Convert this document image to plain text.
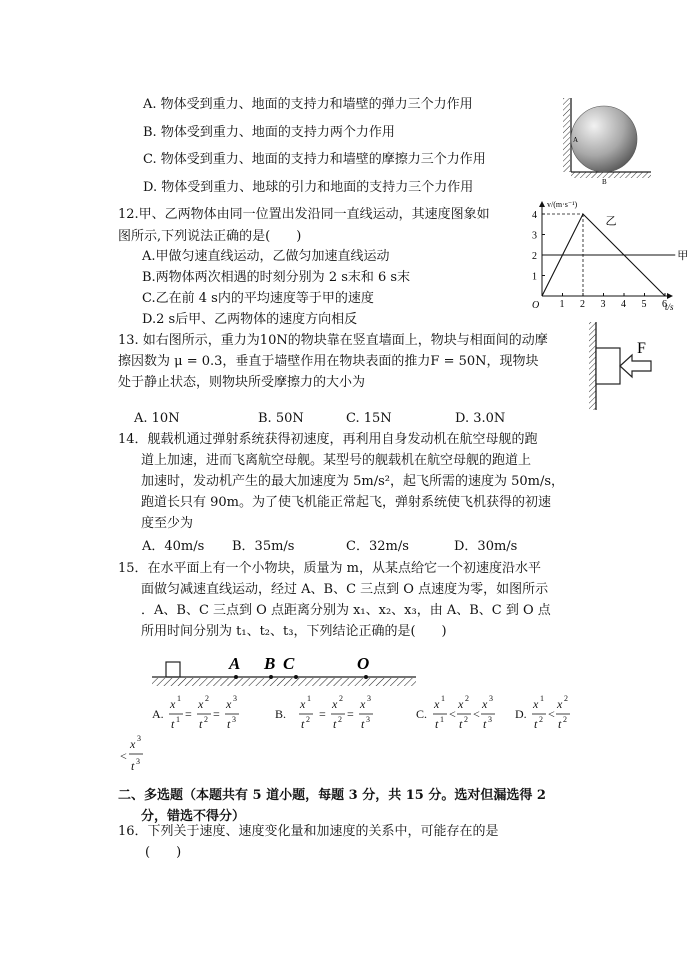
A. 物体受到重力、地面的支持力和墙壁的弹力三个力作用
B. 物体受到重力、地面的支持力两个力作用
C. 物体受到重力、地面的支持力和墙壁的摩擦力三个力作用
D. 物体受到重力、地球的引力和地面的支持力三个力作用
A
B
12.甲、乙两物体由同一位置出发沿同一直线运动，其速度图象如
图所示,下列说法正确的是(　　)
A.甲做匀速直线运动，乙做匀加速直线运动
B.两物体两次相遇的时刻分别为 2 s末和 6 s末
C.乙在前 4 s内的平均速度等于甲的速度
D.2 s后甲、乙两物体的速度方向相反
v/(m·s⁻¹)
t/s
O 1 2 3 4 5 6
1
2
3
4
甲
乙
13. 如右图所示，重力为10N的物块靠在竖直墙面上，物块与相面间的动摩
擦因数为 μ = 0.3，垂直于墙壁作用在物块表面的推力F = 50N，现物块
处于静止状态，则物块所受摩擦力的大小为
A. 10N	B. 50N	C. 15N	D. 3.0N
F
14．舰载机通过弹射系统获得初速度，再利用自身发动机在航空母舰的跑
道上加速，进而飞离航空母舰。某型号的舰载机在航空母舰的跑道上
加速时，发动机产生的最大加速度为 5m/s²，起飞所需的速度为 50m/s，
跑道长只有 90m。为了使飞机能正常起飞，弹射系统使飞机获得的初速
度至少为
A．40m/s B．35m/s	C．32m/s	D．30m/s
15．在水平面上有一个小物块，质量为 m，从某点给它一个初速度沿水平
面做匀减速直线运动，经过 A、B、C 三点到 O 点速度为零，如图所示
．A、B、C 三点到 O 点距离分别为 x₁、x₂、x₃，由 A、B、C 到 O 点
所用时间分别为 t₁、t₂、t₃，下列结论正确的是(　　)
A B C	O
A.
x 1
t 1 =
x 2
t 2 =
x 3
t 3	B.
x 1
t 2 =
x 2
t 2 =
x 3
t 3	C.
x 1
t 1 <
x 2
t 2 <
x 3
t 3 D.
x 1
t 2 <
x 2
t 2
<
x 3
t 3
二、多选题（本题共有 5 道小题，每题 3 分，共 15 分。选对但漏选得 2
分，错选不得分）
16．下列关于速度、速度变化量和加速度的关系中，可能存在的是
(　　)
